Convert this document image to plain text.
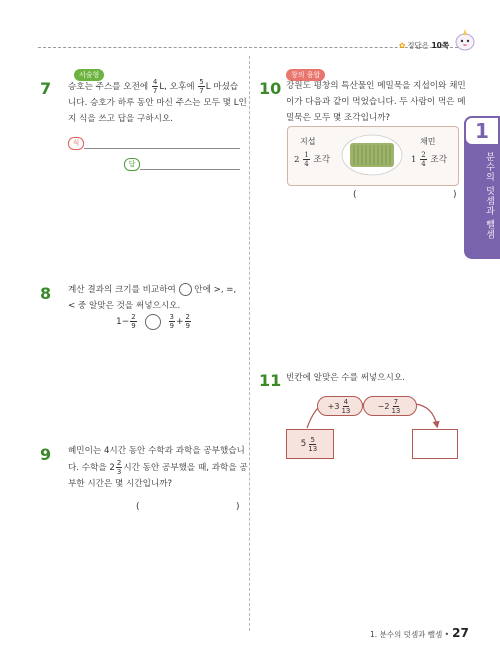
✿ 정답은 10쪽
1
분수의 덧셈과 뺄셈
서술형
7 승호는 주스를 오전에 $\frac{4}{7} L$, 오후에 $\frac{5}{7}$ L 마셨습
니다. 승호가 하루 동안 마신 주스는 모두 몇 L인
지 식을 쓰고 답을 구하시오.
식
답
8 계산 결과의 크기를 비교하여 안에 >, =,
< 중 알맞은 것을 써넣으시오.
$1- \frac{2}{9}$
	$\frac{3}{9} + \frac{2}{9}$
9 혜민이는 4시간 동안 수학과 과학을 공부했습니
다. 수학을 $2 \frac{2}{3}$ 시간 동안 공부했을 때, 과학을 공
부한 시간은 몇 시간입니까?
(	)
창의 융합
10 강원도 평창의 특산물인 메밀묵을 지섭이와 채민
이가 다음과 같이 먹었습니다. 두 사람이 먹은 메
밀묵은 모두 몇 조각입니까?
지섭
$2 \frac{1}{4}$ 조각
채민
$1 \frac{2}{4}$ 조각
(	)
11 빈칸에 알맞은 수를 써넣으시오.
$+3 \frac{4}{13}$	$-2 \frac{7}{13}$
$5 \frac{5}{13}$
1. 분수의 덧셈과 뺄셈 • 27
